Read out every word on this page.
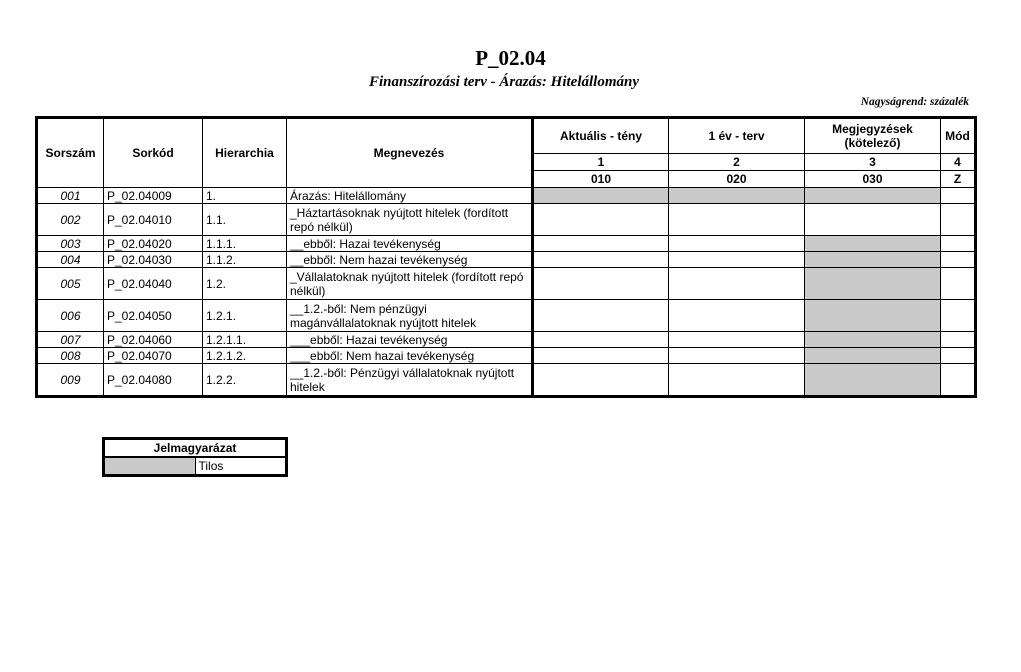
P_02.04
Finanszírozási terv - Árazás: Hitelállomány
Nagyságrend: százalék
Sorszám	Sorkód	Hierarchia	Megnevezés	Aktuális - tény	1 év - terv	Megjegyzések (kötelező)	Mód
				1	2	3	4
				010	020	030	Z
001	P_02.04009	1.	Árazás: Hitelállomány				
002	P_02.04010	1.1.	_Háztartásoknak nyújtott hitelek (fordított repó nélkül)				
003	P_02.04020	1.1.1.	__ebből: Hazai tevékenység				
004	P_02.04030	1.1.2.	__ebből: Nem hazai tevékenység				
005	P_02.04040	1.2.	_Vállalatoknak nyújtott hitelek (fordított repó nélkül)				
006	P_02.04050	1.2.1.	__1.2.-ből: Nem pénzügyi magánvállalatoknak nyújtott hitelek				
007	P_02.04060	1.2.1.1.	___ebből: Hazai tevékenység				
008	P_02.04070	1.2.1.2.	___ebből: Nem hazai tevékenység				
009	P_02.04080	1.2.2.	__1.2.-ből: Pénzügyi vállalatoknak nyújtott hitelek				
Jelmagyarázat
	Tilos
